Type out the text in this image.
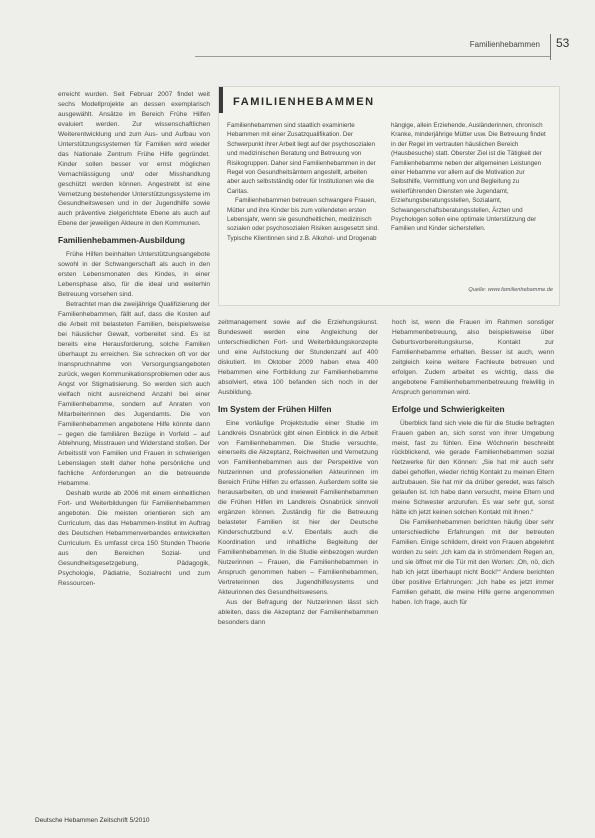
Familienhebammen 53

erreicht wurden. Seit Februar 2007 findet weit sechs Modellprojekte an dessen exemplarisch ausgewählt. Ansätze im Bereich Frühe Hilfen evaluiert werden. Zur wissenschaftlichen Weiterentwicklung und zum Aus- und Aufbau von Unterstützungssystemen für Familien wird wieder das Nationale Zentrum Frühe Hilfe gegründet. Kinder sollen besser vor ernst möglichen Vernachlässigung und/ oder Misshandlung geschützt werden können. Angestrebt ist eine Vernetzung bestehender Unterstützungssysteme im Gesundheitswesen und in der Jugendhilfe sowie auch präventive zielgerichtete Ebene als auch auf Ebene der jeweiligen Akteure in den Kommunen.

Familienhebammen-Ausbildung

Frühe Hilfen beinhalten Unterstützungsangebote sowohl in der Schwangerschaft als auch in den ersten Lebensmonaten des Kindes, in einer Lebensphase also, für die ideal und weiterhin Betreuung vorsehen sind.

Betrachtet man die zweijährige Qualifizierung der Familienhebammen, fällt auf, dass die Kosten auf die Arbeit mit belasteten Familien, beispielsweise bei häuslicher Gewalt, vorbereitet sind. Es ist bereits eine Herausforderung, solche Familien überhaupt zu erreichen. Sie schrecken oft vor der Inanspruchnahme von Versorgungsangeboten zurück, wegen Kommunikationsproblemen oder aus Angst vor Stigmatisierung. So werden sich auch vielfach nicht ausreichend Anzahl bei einer Familienhebamme, sondern auf Anraten von Mitarbeiterinnen des Jugendamts. Die von Familienhebammen angebotene Hilfe könnte dann – gegen die familiären Bezüge in Vorfeld – auf Ablehnung, Misstrauen und Widerstand stoßen. Der Arbeitsstil von Familien und Frauen in schwierigen Lebenslagen stellt daher hohe persönliche und fachliche Anforderungen an die betreuende Hebamme.

Deshalb wurde ab 2006 mit einem einheitlichen Fort- und Weiterbildungen für Familienhebammen angeboten. Die meisten orientieren sich am Curriculum, das das Hebammen-Institut im Auftrag des Deutschen Hebammenverbandes entwickelten Curriculum. Es umfasst circa 150 Stunden Theorie aus den Bereichen Sozial- und Gesundheitsgesetzgebung, Pädagogik, Psychologie, Pädiatrie, Sozialrecht und zum Ressourcen-

FAMILIENHEBAMMEN

Familienhebammen sind staatlich examinierte Hebammen mit einer Zusatzqualifikation. Der Schwerpunkt ihrer Arbeit liegt auf der psychosozialen und medizinischen Beratung und Betreuung von Risikogruppen. Daher sind Familienhebammen in der Regel von Gesundheitsämtern angestellt, arbeiten aber auch selbstständig oder für Institutionen wie die Caritas.

Familienhebammen betreuen schwangere Frauen, Mütter und ihre Kinder bis zum vollendeten ersten Lebensjahr, wenn sie gesundheitlichen, medizinisch sozialen oder psychosozialen Risiken ausgesetzt sind. Typische Klientinnen sind z.B. Alkohol- und Drogenab

hängige, allein Erziehende, Ausländerinnen, chronisch Kranke, minderjährige Mütter usw. Die Betreuung findet in der Regel im vertrauten häuslichen Bereich (Hausbesuche) statt. Oberster Ziel ist die Tätigkeit der Familienhebamme neben der allgemeinen Leistungen einer Hebamme vor allem auf die Motivation zur Selbsthilfe, Vermittlung von und Begleitung zu weiterführenden Diensten wie Jugendamt, Erziehungsberatungsstellen, Sozialamt, Schwangerschaftsberatungsstellen, Ärzten und Psychologen sollen eine optimale Unterstützung der Familien und Kinder sicherstellen.

Quelle: www.familienhebamme.de

zeitmanagement sowie auf die Erziehungskunst. Bundesweit werden eine Angleichung der unterschiedlichen Fort- und Weiterbildungskonzepte und eine Aufstockung der Stundenzahl auf 400 diskutiert. Im Oktober 2009 haben etwa 400 Hebammen eine Fortbildung zur Familienhebamme absolviert, etwa 100 befanden sich noch in der Ausbildung.

Im System der Frühen Hilfen

Eine vorläufige Projektstudie einer Studie im Landkreis Osnabrück gibt einen Einblick in die Arbeit von Familienhebammen. Die Studie versuchte, einerseits die Akzeptanz, Reichweiten und Vernetzung von Familienhebammen aus der Perspektive von Nutzerinnen und professionellen Akteurinnen im Bereich Frühe Hilfen zu erfassen. Außerdem sollte sie herausarbeiten, ob und inwieweit Familienhebammen die Frühen Hilfen im Landkreis Osnabrück sinnvoll ergänzen können. Zuständig für die Betreuung belasteter Familien ist hier der Deutsche Kinderschutzbund e.V. Ebenfalls auch die Koordination und inhaltliche Begleitung der Familienhebammen. In die Studie einbezogen wurden Nutzerinnen – Frauen, die Familienhebammen in Anspruch genommen haben – Familienhebammen, Vertreterinnen des Jugendhilfesystems und Akteurinnen des Gesundheitswesens.

Aus der Befragung der Nutzerinnen lässt sich ableiten, dass die Akzeptanz der Familienhebammen besonders dann

hoch ist, wenn die Frauen im Rahmen sonstiger Hebammenbetreuung, also beispielsweise über Geburtsvorbereitungskurse, Kontakt zur Familienhebamme erhalten. Besser ist auch, wenn zeitgleich keine weitere Fachleute betreuen und erfolgen. Zudem arbeitet es wichtig, dass die angebotene Familienhebammenbetreuung freiwillig in Anspruch genommen wird.

Erfolge und Schwierigkeiten

Überblick fand sich viele die für die Studie befragten Frauen gaben an, sich sonst von ihrer Umgebung meist, fast zu fühlen. Eine Wöchnerin beschreibt rückblickend, wie gerade Familienhebammen sozial Netzwerke für den Können: „Sie hat mir auch sehr dabei geholfen, wieder richtig Kontakt zu meinen Eltern aufzubauen. Sie hat mir da drüber geredet, was falsch gelaufen ist. Ich habe dann versucht, meine Eltern und meine Schwester anzurufen. Es war sehr gut, sonst hätte ich jetzt keinen solchen Kontakt mit ihnen.“

Die Familienhebammen berichten häufig über sehr unterschiedliche Erfahrungen mit der betreuten Familien. Einige schildern, direkt von Frauen abgelehnt worden zu sein: „Ich kam da in strömendem Regen an, und sie öffnet mir die Tür mit den Worten: ‚Oh, nö, dich hab ich jetzt überhaupt nicht Bock!‘“ Andere berichten über positive Erfahrungen: „Ich habe es jetzt immer Familien gehabt, die meine Hilfe gerne angenommen haben. Ich frage, auch für

Deutsche Hebammen Zeitschrift 5/2010
